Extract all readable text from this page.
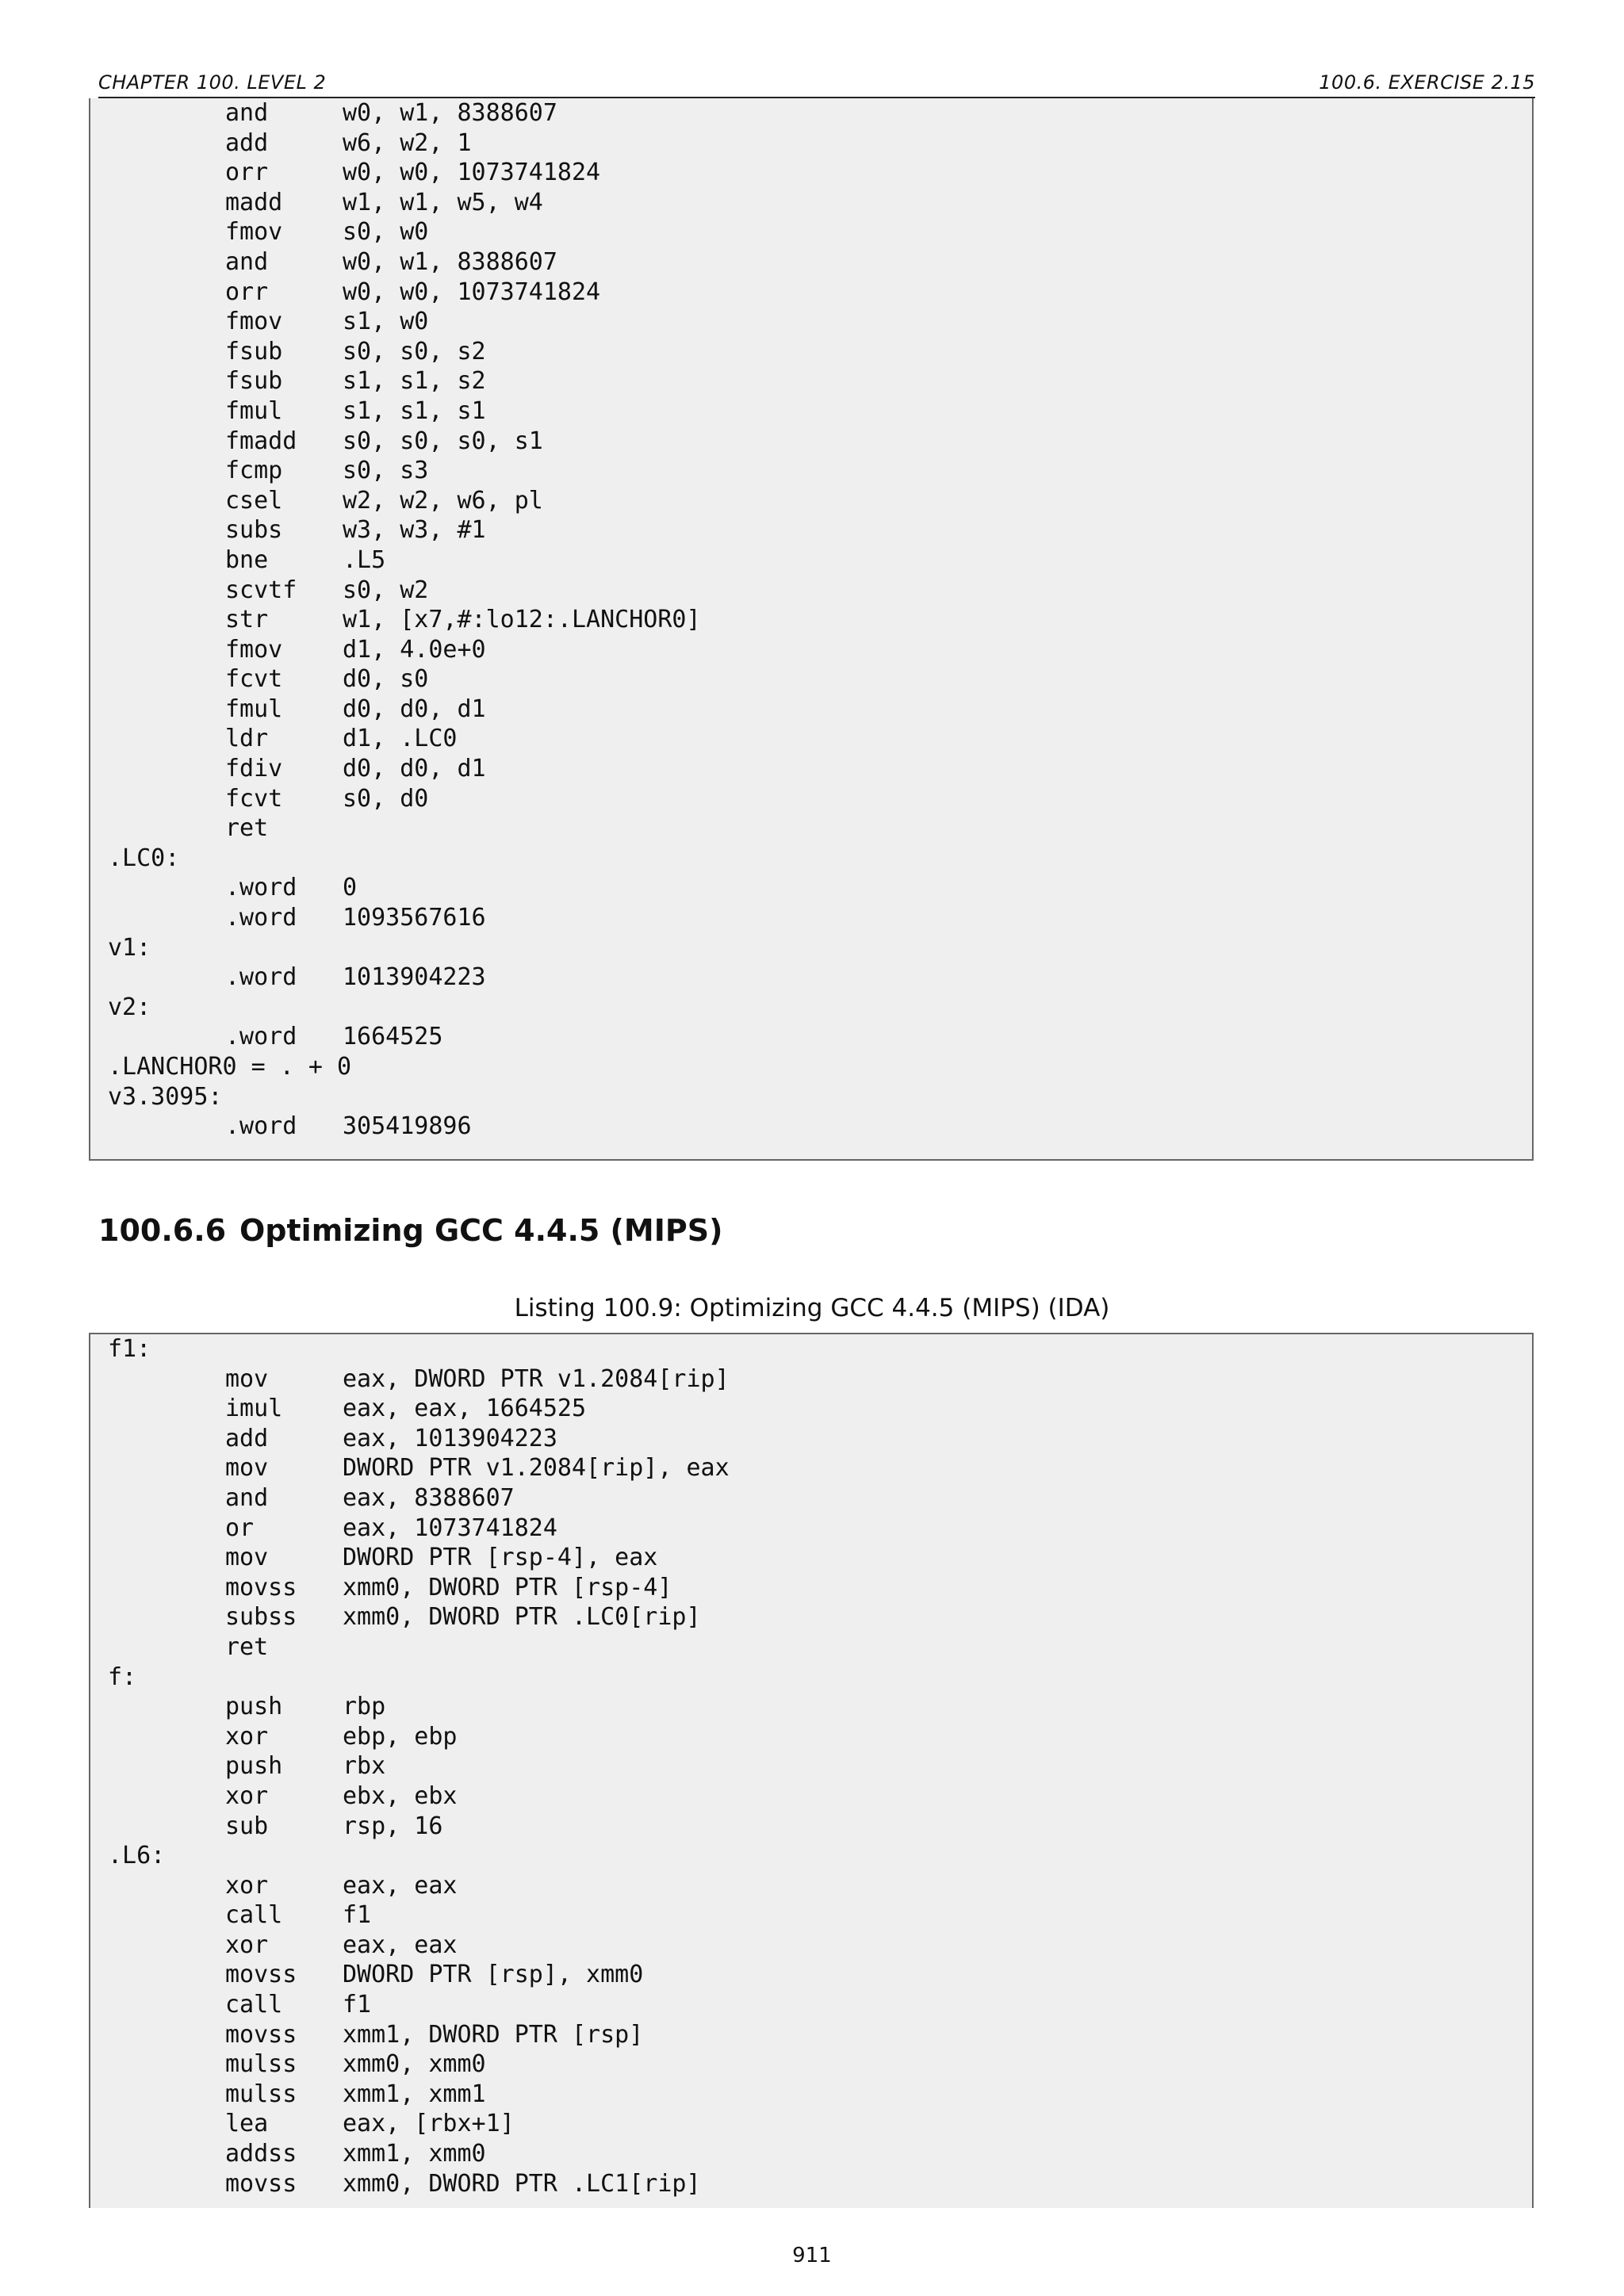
CHAPTER 100. LEVEL 2	100.6. EXERCISE 2.15
and	w0, w1, 8388607
add	w6, w2, 1
orr	w0, w0, 1073741824
madd	w1, w1, w5, w4
fmov	s0, w0
and	w0, w1, 8388607
orr	w0, w0, 1073741824
fmov	s1, w0
fsub	s0, s0, s2
fsub	s1, s1, s2
fmul	s1, s1, s1
fmadd s0, s0, s0, s1
fcmp	s0, s3
csel	w2, w2, w6, pl
subs	w3, w3, #1
bne	.L5
scvtf s0, w2
str	w1, [x7,#:lo12:.LANCHOR0]
fmov	d1, 4.0e+0
fcvt	d0, s0
fmul	d0, d0, d1
ldr	d1, .LC0
fdiv	d0, d0, d1
fcvt	s0, d0
ret
.LC0:
.word 0
.word 1093567616
v1:
.word 1013904223
v2:
.word 1664525
.LANCHOR0 = . + 0
v3.3095:
.word 305419896
100.6.6 Optimizing GCC 4.4.5 (MIPS)
Listing 100.9: Optimizing GCC 4.4.5 (MIPS) (IDA)
f1:
mov	eax, DWORD PTR v1.2084[rip]
imul	eax, eax, 1664525
add	eax, 1013904223
mov	DWORD PTR v1.2084[rip], eax
and	eax, 8388607
or	eax, 1073741824
mov	DWORD PTR [rsp-4], eax
movss xmm0, DWORD PTR [rsp-4]
subss xmm0, DWORD PTR .LC0[rip]
ret
f:
push	rbp
xor	ebp, ebp
push	rbx
xor	ebx, ebx
sub	rsp, 16
.L6:
xor	eax, eax
call	f1
xor	eax, eax
movss DWORD PTR [rsp], xmm0
call	f1
movss xmm1, DWORD PTR [rsp]
mulss xmm0, xmm0
mulss xmm1, xmm1
lea	eax, [rbx+1]
addss xmm1, xmm0
movss xmm0, DWORD PTR .LC1[rip]
911
